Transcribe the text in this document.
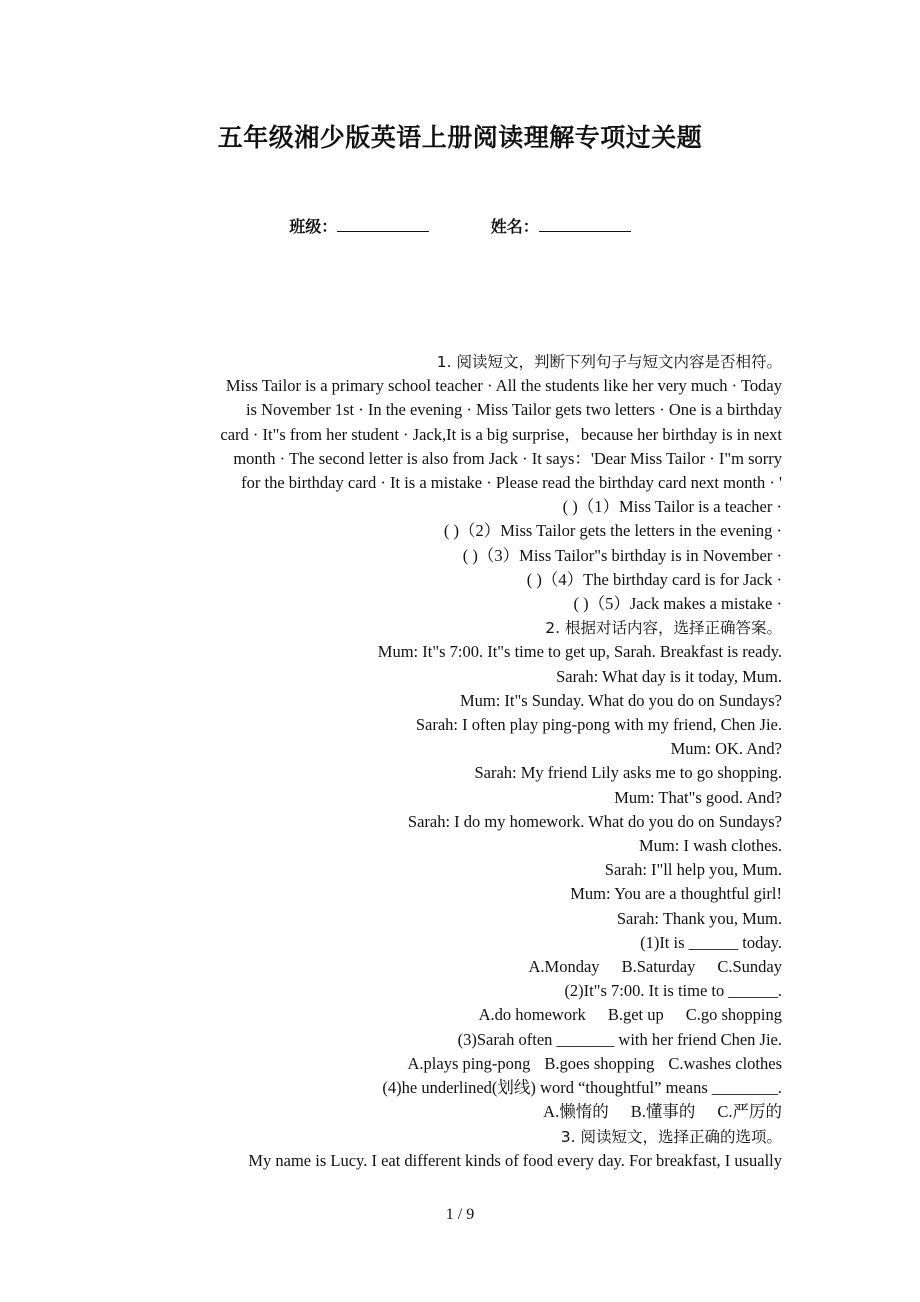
五年级湘少版英语上册阅读理解专项过关题
班级：	姓名：
1. 阅读短文，判断下列句子与短文内容是否相符。
Miss Tailor is a primary school teacher · All the students like her very much · Today
is November 1st · In the evening · Miss Tailor gets two letters · One is a birthday
card · It"s from her student · Jack,It is a big surprise，because her birthday is in next
month · The second letter is also from Jack · It says：'Dear Miss Tailor · I"m sorry
for the birthday card · It is a mistake · Please read the birthday card next month · '
( )（1）Miss Tailor is a teacher ·
( )（2）Miss Tailor gets the letters in the evening ·
( )（3）Miss Tailor"s birthday is in November ·
( )（4）The birthday card is for Jack ·
( )（5）Jack makes a mistake ·
2. 根据对话内容，选择正确答案。
Mum: It"s 7:00. It"s time to get up, Sarah. Breakfast is ready.
Sarah: What day is it today, Mum.
Mum: It"s Sunday. What do you do on Sundays?
Sarah: I often play ping-pong with my friend, Chen Jie.
Mum: OK. And?
Sarah: My friend Lily asks me to go shopping.
Mum: That"s good. And?
Sarah: I do my homework. What do you do on Sundays?
Mum: I wash clothes.
Sarah: I"ll help you, Mum.
Mum: You are a thoughtful girl!
Sarah: Thank you, Mum.
(1)It is ______ today.
A.Monday B.Saturday C.Sunday
(2)It"s 7:00. It is time to ______.
A.do homework B.get up C.go shopping
(3)Sarah often _______ with her friend Chen Jie.
A.plays ping-pong B.goes shopping C.washes clothes
(4)he underlined(划线) word “thoughtful” means ________.
A.懒惰的 B.懂事的 C.严厉的
3. 阅读短文，选择正确的选项。
My name is Lucy. I eat different kinds of food every day. For breakfast, I usually
1 / 9
